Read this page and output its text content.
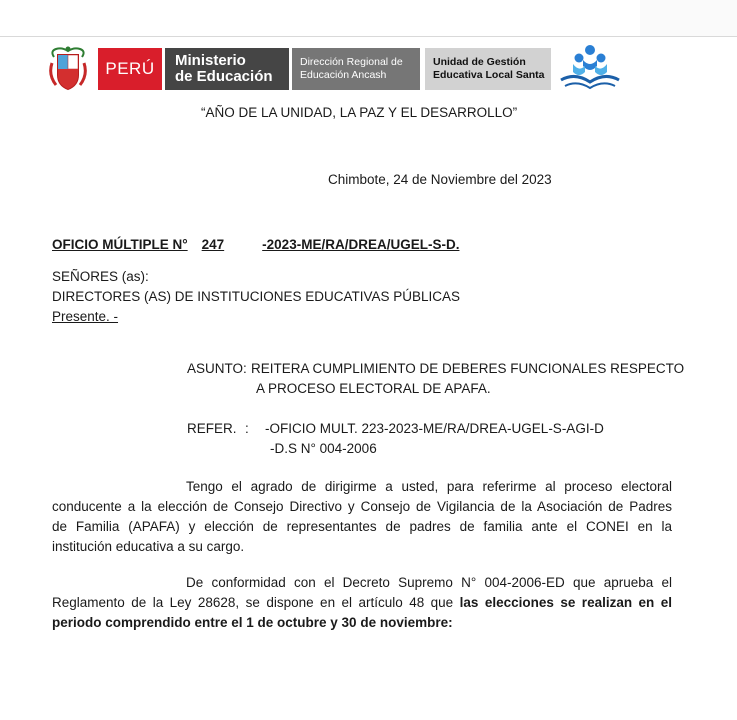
PERÚ Ministerio
de Educación
Dirección Regional de
Educación Ancash
Unidad de Gestión
Educativa Local Santa
“AÑO DE LA UNIDAD, LA PAZ Y EL DESARROLLO”
Chimbote, 24 de Noviembre del 2023
OFICIO MÚLTIPLE N° 247	-2023-ME/RA/DREA/UGEL-S-D.
SEÑORES (as):
DIRECTORES (AS) DE INSTITUCIONES EDUCATIVAS PÚBLICAS
Presente. -
ASUNTO: REITERA CUMPLIMIENTO DE DEBERES FUNCIONALES RESPECTO
A PROCESO ELECTORAL DE APAFA.
REFER. : -OFICIO MULT. 223-2023-ME/RA/DREA-UGEL-S-AGI-D
-D.S N° 004-2006
Tengo el agrado de dirigirme a usted, para referirme al proceso electoral
conducente a la elección de Consejo Directivo y Consejo de Vigilancia de la Asociación de Padres
de Familia (APAFA) y elección de representantes de padres de familia ante el CONEI en la
institución educativa a su cargo.
De conformidad con el Decreto Supremo N° 004-2006-ED que aprueba el
Reglamento de la Ley 28628, se dispone en el artículo 48 que las elecciones se realizan en el
periodo comprendido entre el 1 de octubre y 30 de noviembre:
